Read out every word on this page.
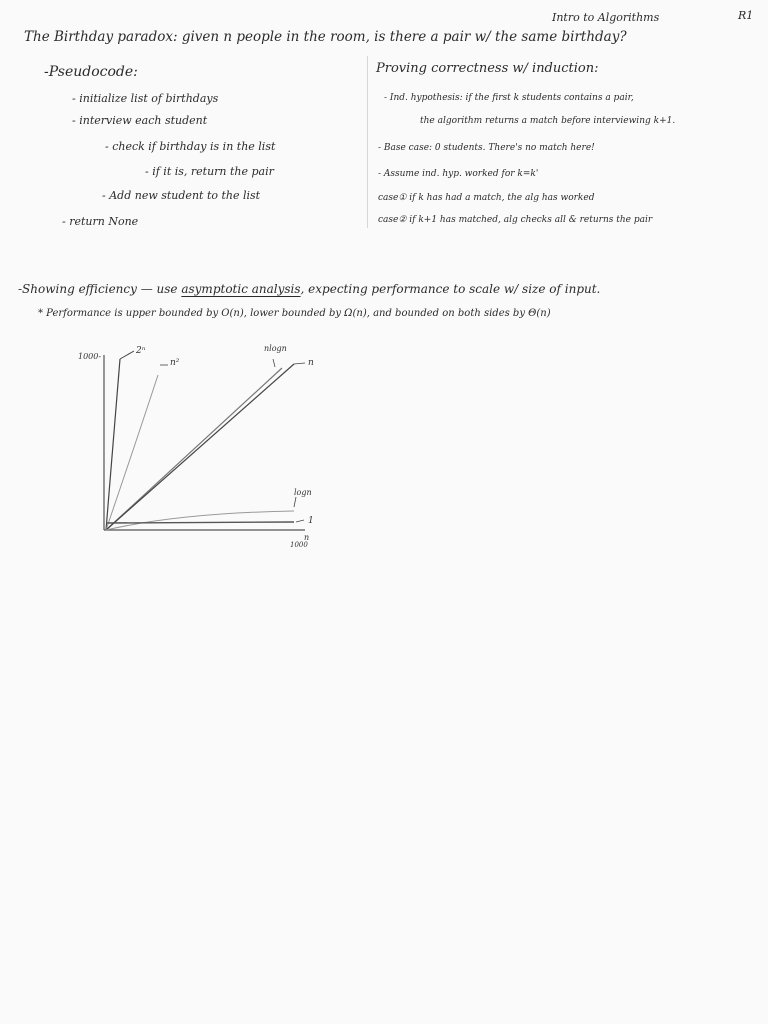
Intro to Algorithms	R1
The Birthday paradox: given n people in the room, is there a pair w/ the same birthday?
-Pseudocode:
- initialize list of birthdays
- interview each student
- check if birthday is in the list
- if it is, return the pair
- Add new student to the list
- return None
Proving correctness w/ induction:
- Ind. hypothesis: if the first k students contains a pair,
the algorithm returns a match before interviewing k+1.
- Base case: 0 students. There's no match here!
- Assume ind. hyp. worked for k=k'
case① if k has had a match, the alg has worked
case② if k+1 has matched, alg checks all & returns the pair
-Showing efficiency — use asymptotic analysis, expecting performance to scale w/ size of input.
* Performance is upper bounded by O(n), lower bounded by Ω(n), and bounded on both sides by Θ(n)
1000-
1000
n
2ⁿ
n²
nlogn
n
logn
1
